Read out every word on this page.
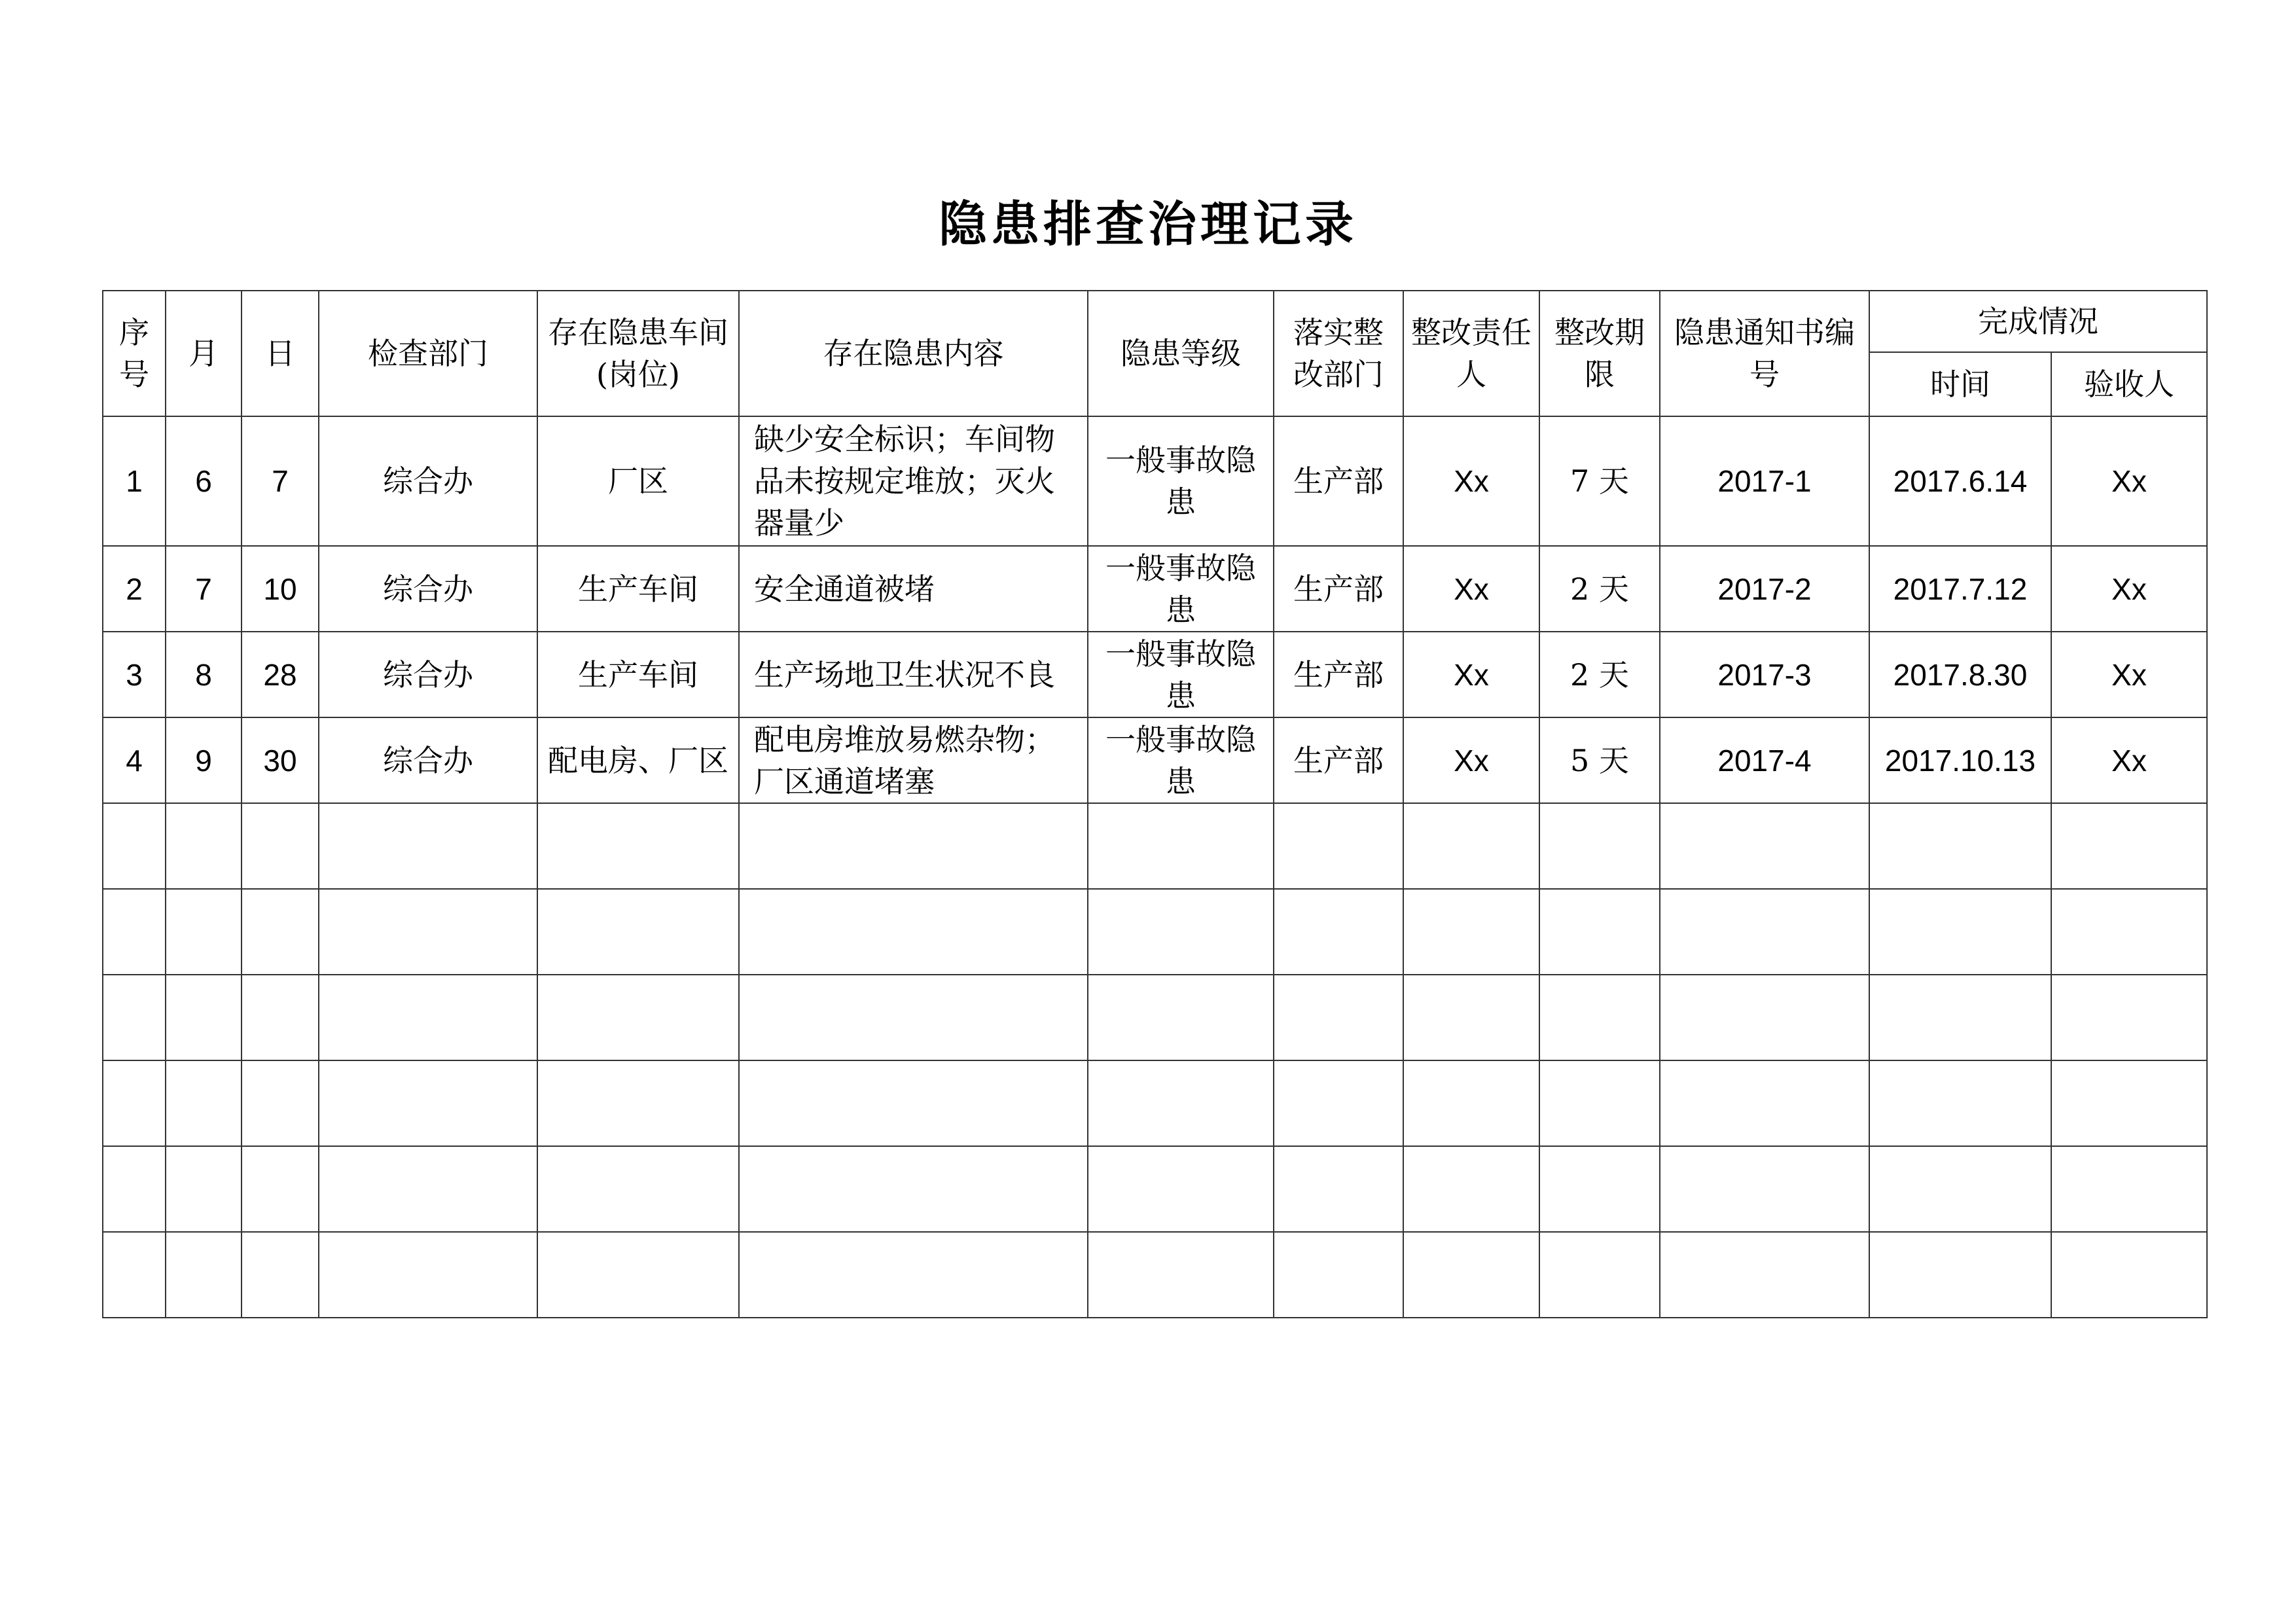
隐患排查治理记录
序号	月	日	检查部门	存在隐患车间(岗位)	存在隐患内容	隐患等级	落实整改部门	整改责任人	整改期限	隐患通知书编号	完成情况	
											时间	验收人
1	6	7	综合办	厂区	缺少安全标识；车间物品未按规定堆放；灭火器量少	一般事故隐患	生产部	Xx	7 天	2017-1	2017.6.14	Xx
2	7	10	综合办	生产车间	安全通道被堵	一般事故隐患	生产部	Xx	2 天	2017-2	2017.7.12	Xx
3	8	28	综合办	生产车间	生产场地卫生状况不良	一般事故隐患	生产部	Xx	2 天	2017-3	2017.8.30	Xx
4	9	30	综合办	配电房、厂区	配电房堆放易燃杂物；厂区通道堵塞	一般事故隐患	生产部	Xx	5 天	2017-4	2017.10.13	Xx
